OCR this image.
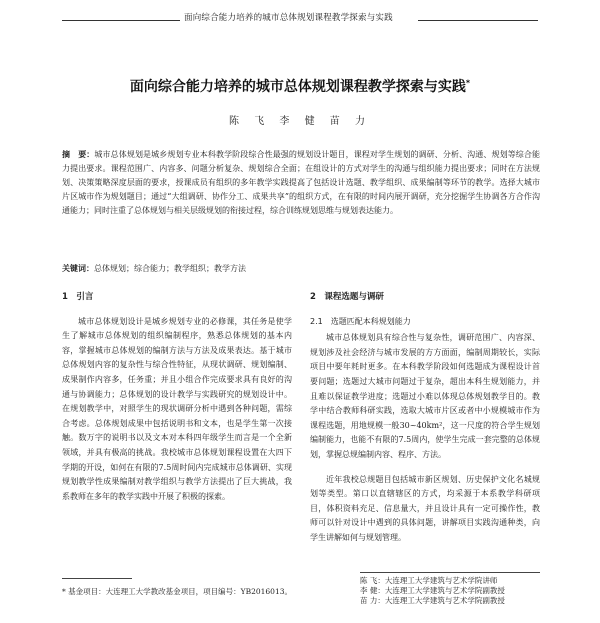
面向综合能力培养的城市总体规划课程教学探索与实践
面向综合能力培养的城市总体规划课程教学探索与实践*
陈 飞 李 健 苗 力
摘　要：城市总体规划是城乡规划专业本科教学阶段综合性最强的规划设计题目，课程对学生规划的调研、分析、沟通、规划等综合能力提出要求。课程范围广、内容多、问题分析复杂、规划综合全面；在组设计的方式对学生的沟通与组织能力提出要求；同时在方法规划、决策策略深度层面的要求，授课成员有组织的多年教学实践提高了包括设计选题、教学组织、成果编制等环节的教学。选择大城市片区城市作为规划题目；通过“大组调研、协作分工、成果共享”的组织方式，在有限的时间内展开调研，充分挖掘学生协调各方合作沟通能力；同时注重了总体规划与相关层级规划的衔接过程，综合训练规划思维与规划表达能力。
关键词：总体规划；综合能力；教学组织；教学方法
1　引言

城市总体规划设计是城乡规划专业的必修课，其任务是使学生了解城市总体规划的组织编制程序，熟悉总体规划的基本内容，掌握城市总体规划的编制方法与方法及成果表达。基于城市总体规划内容的复杂性与综合性特征，从现状调研、规划编制、成果制作内容多，任务重；并且小组合作完成要求具有良好的沟通与协调能力；总体规划的设计教学与实践研究的规划设计中。在规划教学中，对照学生的现状调研分析中遇到各种问题，需综合考虑。总体规划成果中包括说明书和文本，也是学生第一次接触。数万字的说明书以及文本对本科四年级学生而言是一个全新领域，并具有极高的挑战。我校城市总体规划课程设置在大四下学期的开设，如何在有限的7.5周时间内完成城市总体调研、实现规划教学性成果编制对教学组织与教学方法提出了巨大挑战，我系教师在多年的教学实践中开展了积极的探索。

2　课程选题与调研
2.1　选题匹配本科规划能力

城市总体规划具有综合性与复杂性，调研范围广、内容深、规划涉及社会经济与城市发展的方方面面，编制周期较长，实际项目中要年耗时更多。在本科教学阶段如何选题成为课程设计首要问题；选题过大城市问题过于复杂，超出本科生规划能力，并且难以保证教学进度；选题过小难以体现总体规划教学目的。教学中结合教师科研实践，选取大城市片区或者中小规模城市作为课程选题，用地规模一般30~40km²，这一尺度的符合学生规划编制能力，也能不有限的7.5周内，使学生完成一套完整的总体规划，掌握总规编制内容、程序、方法。

近年我校总规题目包括城市新区规划、历史保护文化名城规划等类型。第口以直辖辖区的方式，均采源于本系教学科研项目，体积资料充足、信息量大，并且设计具有一定可操作性，教师可以针对设计中遇到的具体问题，讲解项目实践沟通种类，向学生讲解如何与规划管理。

* 基金项目：大连理工大学教改基金项目，项目编号：YB2016013。
陈 飞：大连理工大学建筑与艺术学院讲师
李 健：大连理工大学建筑与艺术学院副教授
苗 力：大连理工大学建筑与艺术学院副教授
